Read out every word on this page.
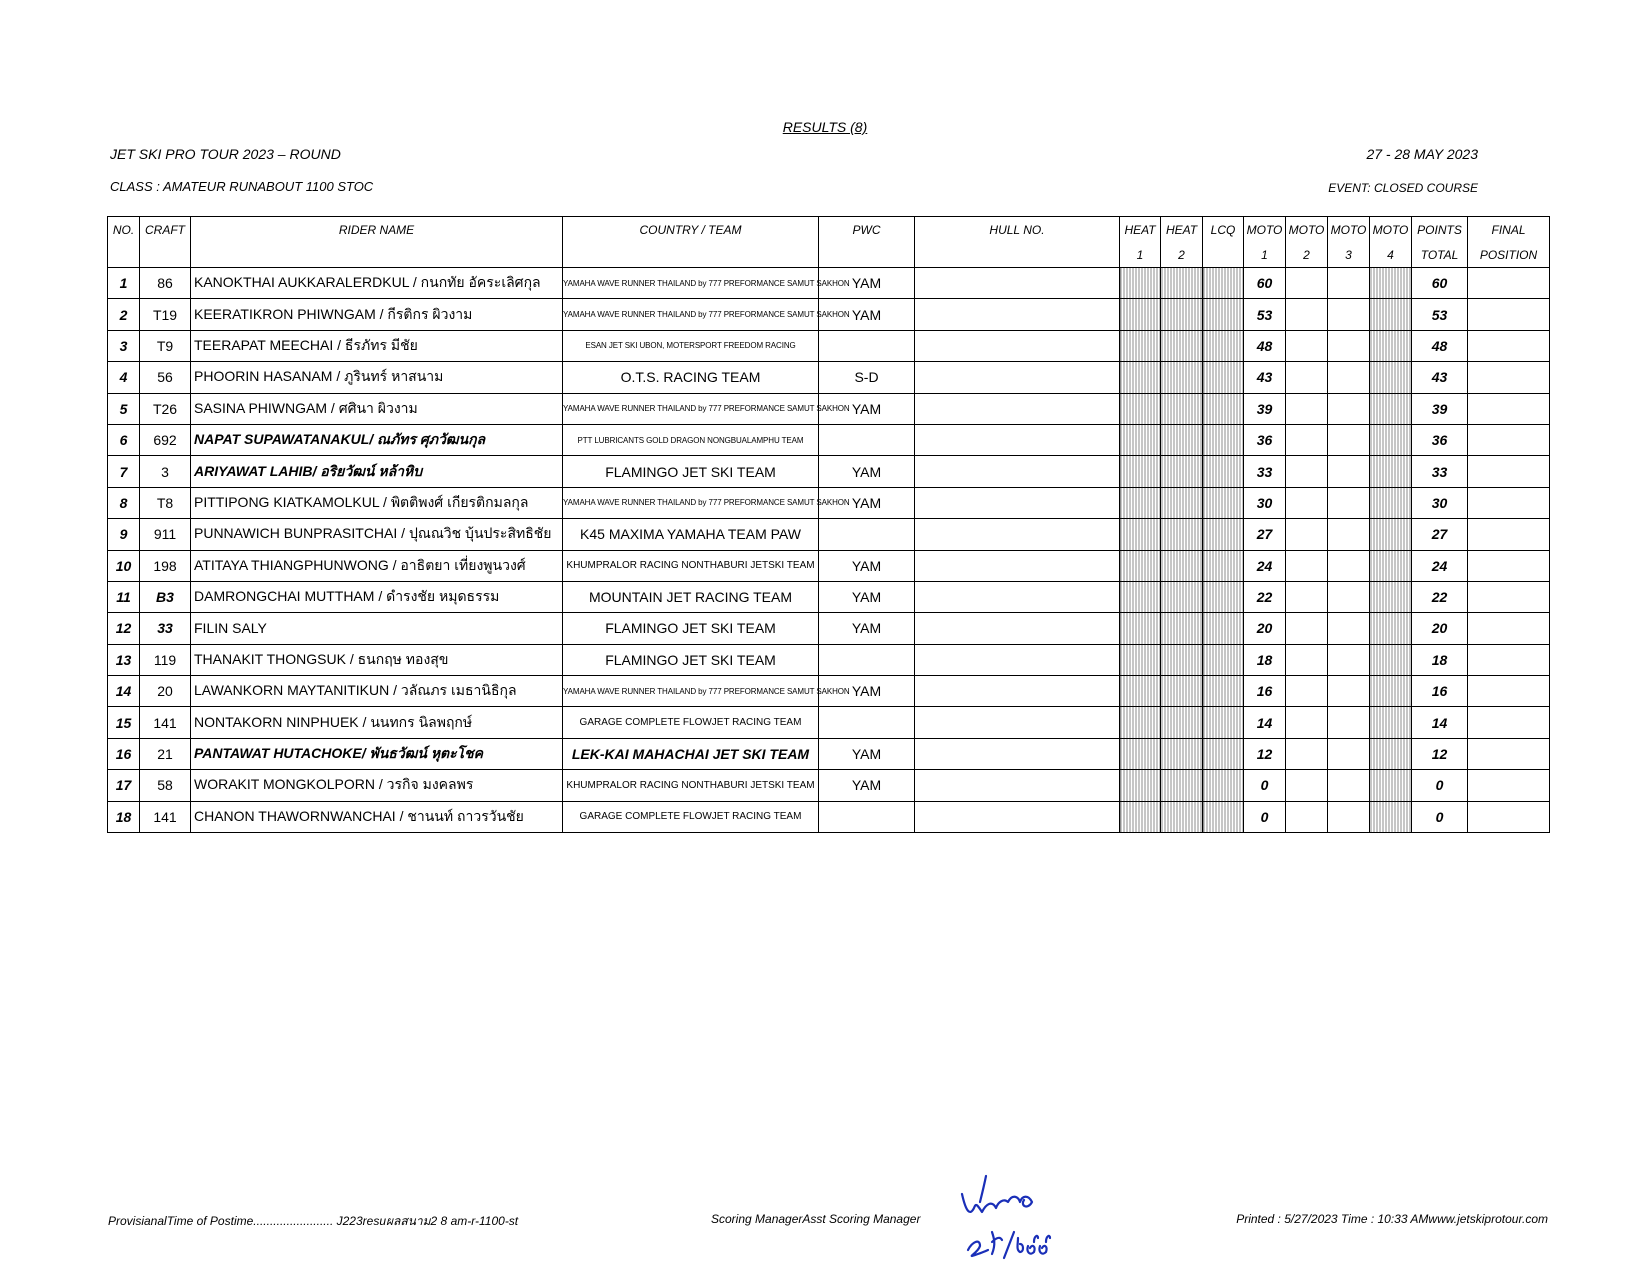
RESULTS (8)
JET SKI PRO TOUR 2023 – ROUND	27 - 28 MAY 2023
CLASS : AMATEUR RUNABOUT 1100 STOC	EVENT: CLOSED COURSE
NO.	CRAFT	RIDER NAME	COUNTRY / TEAM	PWC	HULL NO.	HEAT	HEAT	LCQ	MOTO	MOTO	MOTO	MOTO	POINTS	FINAL
						1	2		1	2	3	4	TOTAL	POSITION
1	86	KANOKTHAI AUKKARALERDKUL / กนกทัย อัคระเลิศกุล	YAMAHA WAVE RUNNER THAILAND by 777 PREFORMANCE SAMUT SAKHON	YAM					60				60	
2	T19	KEERATIKRON PHIWNGAM / กีรติกร ผิวงาม	YAMAHA WAVE RUNNER THAILAND by 777 PREFORMANCE SAMUT SAKHON	YAM					53				53	
3	T9	TEERAPAT MEECHAI / ธีรภัทร มีชัย	ESAN JET SKI UBON, MOTERSPORT FREEDOM RACING						48				48	
4	56	PHOORIN HASANAM / ภูรินทร์ หาสนาม	O.T.S. RACING TEAM	S-D					43				43	
5	T26	SASINA PHIWNGAM / ศศินา ผิวงาม	YAMAHA WAVE RUNNER THAILAND by 777 PREFORMANCE SAMUT SAKHON	YAM					39				39	
6	692	NAPAT SUPAWATANAKUL/ ณภัทร ศุภวัฒนกุล	PTT LUBRICANTS GOLD DRAGON NONGBUALAMPHU TEAM						36				36	
7	3	ARIYAWAT LAHIB/ อริยวัฒน์ หล้าหิบ	FLAMINGO JET SKI TEAM	YAM					33				33	
8	T8	PITTIPONG KIATKAMOLKUL / พิตติพงศ์ เกียรติกมลกุล	YAMAHA WAVE RUNNER THAILAND by 777 PREFORMANCE SAMUT SAKHON	YAM					30				30	
9	911	PUNNAWICH BUNPRASITCHAI / ปุณณวิช บุ้นประสิทธิชัย	K45 MAXIMA YAMAHA TEAM PAW						27				27	
10	198	ATITAYA THIANGPHUNWONG / อาธิตยา เที่ยงพูนวงศ์	KHUMPRALOR RACING NONTHABURI JETSKI TEAM	YAM					24				24	
11	B3	DAMRONGCHAI MUTTHAM / ดำรงชัย หมุดธรรม	MOUNTAIN JET RACING TEAM	YAM					22				22	
12	33	FILIN SALY	FLAMINGO JET SKI TEAM	YAM					20				20	
13	119	THANAKIT THONGSUK / ธนกฤษ ทองสุข	FLAMINGO JET SKI TEAM						18				18	
14	20	LAWANKORN MAYTANITIKUN / วลัณภร เมธานิธิกุล	YAMAHA WAVE RUNNER THAILAND by 777 PREFORMANCE SAMUT SAKHON	YAM					16				16	
15	141	NONTAKORN NINPHUEK / นนทกร นิลพฤกษ์	GARAGE COMPLETE FLOWJET RACING TEAM						14				14	
16	21	PANTAWAT HUTACHOKE/ พันธวัฒน์ หุตะโชค	LEK-KAI MAHACHAI JET SKI TEAM	YAM					12				12	
17	58	WORAKIT MONGKOLPORN / วรกิจ มงคลพร	KHUMPRALOR RACING NONTHABURI JETSKI TEAM	YAM					0				0	
18	141	CHANON THAWORNWANCHAI / ชานนท์ ถาวรวันชัย	GARAGE COMPLETE FLOWJET RACING TEAM						0				0	
ProvisianalTime of Postime........................ J223resuผลสนาม2 8 am-r-1100-st	Scoring ManagerAsst Scoring Manager	Printed : 5/27/2023 Time : 10:33 AMwww.jetskiprotour.com
